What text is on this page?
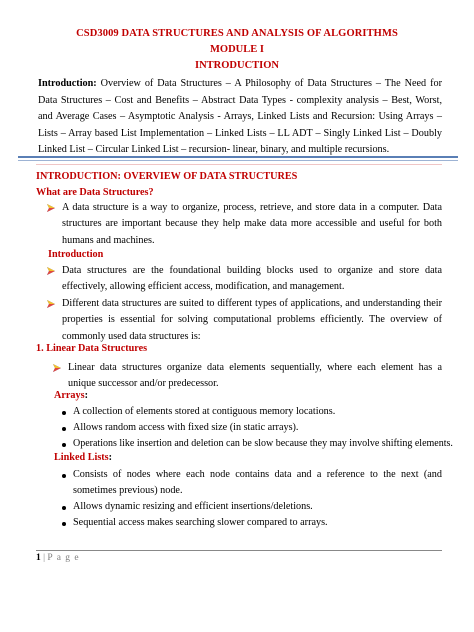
CSD3009 DATA STRUCTURES AND ANALYSIS OF ALGORITHMS
MODULE I
INTRODUCTION
Introduction: Overview of Data Structures – A Philosophy of Data Structures – The Need for Data Structures – Cost and Benefits – Abstract Data Types - complexity analysis – Best, Worst, and Average Cases – Asymptotic Analysis - Arrays, Linked Lists and Recursion: Using Arrays – Lists – Array based List Implementation – Linked Lists – LL ADT – Singly Linked List – Doubly Linked List – Circular Linked List – recursion- linear, binary, and multiple recursions.
INTRODUCTION: OVERVIEW OF DATA STRUCTURES
What are Data Structures?
A data structure is a way to organize, process, retrieve, and store data in a computer. Data structures are important because they help make data more accessible and useful for both humans and machines.
Introduction
Data structures are the foundational building blocks used to organize and store data effectively, allowing efficient access, modification, and management.
Different data structures are suited to different types of applications, and understanding their properties is essential for solving computational problems efficiently. The overview of commonly used data structures is:
1. Linear Data Structures
Linear data structures organize data elements sequentially, where each element has a unique successor and/or predecessor.
Arrays:
A collection of elements stored at contiguous memory locations.
Allows random access with fixed size (in static arrays).
Operations like insertion and deletion can be slow because they may involve shifting elements.
Linked Lists:
Consists of nodes where each node contains data and a reference to the next (and sometimes previous) node.
Allows dynamic resizing and efficient insertions/deletions.
Sequential access makes searching slower compared to arrays.
1 | P a g e
